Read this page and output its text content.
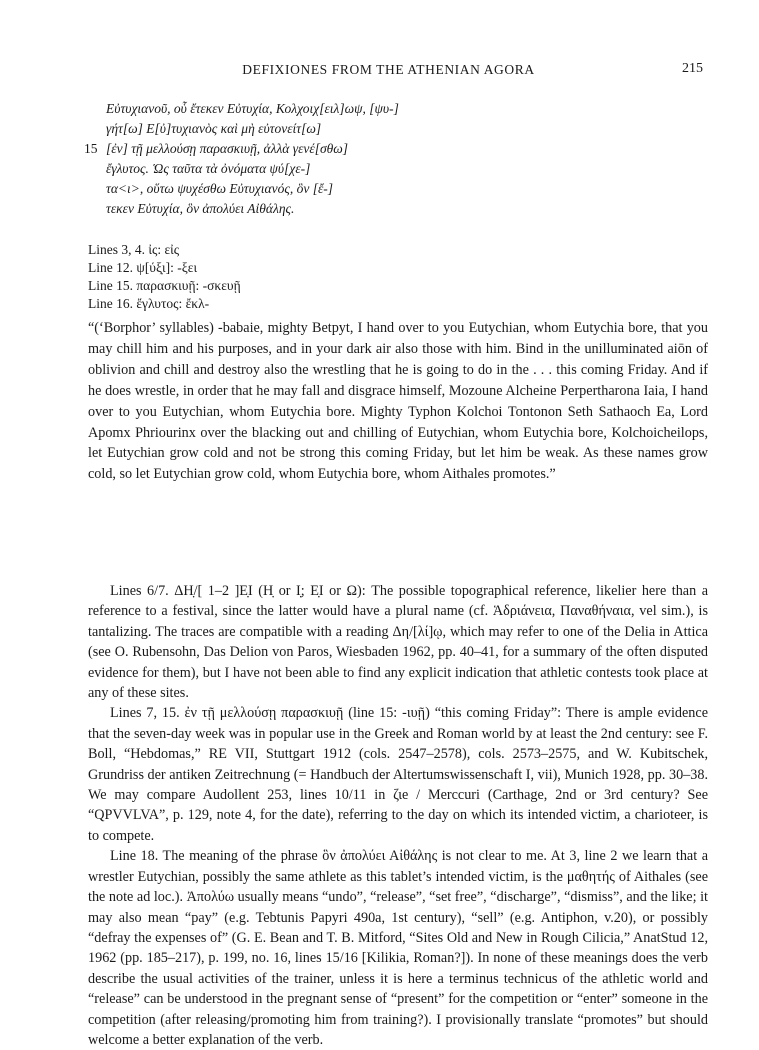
DEFIXIONES FROM THE ATHENIAN AGORA	215
Εὐτυχιανοῦ, οὗ ἔτεκεν Εὐτυχία, Κολχοιχ[ειλ]ωψ, [ψυ-]
γήτ[ω] Ε[ὐ]τυχιανὸς καὶ μὴ εὐτονείτ[ω]
15 [ἐν] τῇ μελλούσῃ παρασκιυῇ, ἀλλὰ γενέ[σθω]
ἔγλυτος. Ὡς ταῦτα τὰ ὀνόματα ψύ[χε-]
τα<ι>, οὕτω ψυχέσθω Εὐτυχιανός, ὃν [ἔ-]
τεκεν Εὐτυχία, ὃν ἀπολύει Αἰθάλης.
Lines 3, 4. ἰς: εἰς
Line 12. ψ[ύξ̣ι]: -ξει
Line 15. παρασκιυῇ: -σκευῇ
Line 16. ἔγλυτος: ἔκλ-
“(‘Borphor’ syllables) -babaie, mighty Betpyt, I hand over to you Eutychian, whom Eutychia bore, that you may chill him and his purposes, and in your dark air also those with him. Bind in the unilluminated aiōn of oblivion and chill and destroy also the wrestling that he is going to do in the . . . this coming Friday. And if he does wrestle, in order that he may fall and disgrace himself, Mozoune Alcheine Perpertharona Iaia, I hand over to you Eutychian, whom Eutychia bore. Mighty Typhon Kolchoi Tontonon Seth Sathaoch Ea, Lord Apomx Phriourinx over the blacking out and chilling of Eutychian, whom Eutychia bore, Kolchoicheilops, let Eutychian grow cold and not be strong this coming Friday, but let him be weak. As these names grow cold, so let Eutychian grow cold, whom Eutychia bore, whom Aithales promotes.”

Lines 6/7. ΔΗ̣/[ 1–2 ]Ε̣Ι (Η̣ or Ι̣; Ε̣Ι or Ω): The possible topographical reference, likelier here than a reference to a festival, since the latter would have a plural name (cf. Ἁδριάνεια, Παναθήναια, vel sim.), is tantalizing. The traces are compatible with a reading Δη/[λί]ῳ, which may refer to one of the Delia in Attica (see O. Rubensohn, Das Delion von Paros, Wiesbaden 1962, pp. 40–41, for a summary of the often disputed evidence for them), but I have not been able to find any explicit indication that athletic contests took place at any of these sites.

Lines 7, 15. ἐν τῇ μελλούσῃ παρασκιυῇ (line 15: -ιυῇ) “this coming Friday”: There is ample evidence that the seven-day week was in popular use in the Greek and Roman world by at least the 2nd century: see F. Boll, “Hebdomas,” RE VII, Stuttgart 1912 (cols. 2547–2578), cols. 2573–2575, and W. Kubitschek, Grundriss der antiken Zeitrechnung (= Handbuch der Altertumswissenschaft I, vii), Munich 1928, pp. 30–38. We may compare Audollent 253, lines 10/11 in ζιe / Merccuri (Carthage, 2nd or 3rd century? See “QPVVLVA”, p. 129, note 4, for the date), referring to the day on which its intended victim, a charioteer, is to compete.

Line 18. The meaning of the phrase ὃν ἀπολύει Αἰθάλης is not clear to me. At 3, line 2 we learn that a wrestler Eutychian, possibly the same athlete as this tablet’s intended victim, is the μαθητής of Aithales (see the note ad loc.). Ἀπολύω usually means “undo”, “release”, “set free”, “discharge”, “dismiss”, and the like; it may also mean “pay” (e.g. Tebtunis Papyri 490a, 1st century), “sell” (e.g. Antiphon, v.20), or possibly “defray the expenses of” (G. E. Bean and T. B. Mitford, “Sites Old and New in Rough Cilicia,” AnatStud 12, 1962 (pp. 185–217), p. 199, no. 16, lines 15/16 [Kilikia, Roman?]). In none of these meanings does the verb describe the usual activities of the trainer, unless it is here a terminus technicus of the athletic world and “release” can be understood in the pregnant sense of “present” for the competition or “enter” someone in the competition (after releasing/promoting him from training?). I provisionally translate “promotes” but should welcome a better explanation of the verb.
